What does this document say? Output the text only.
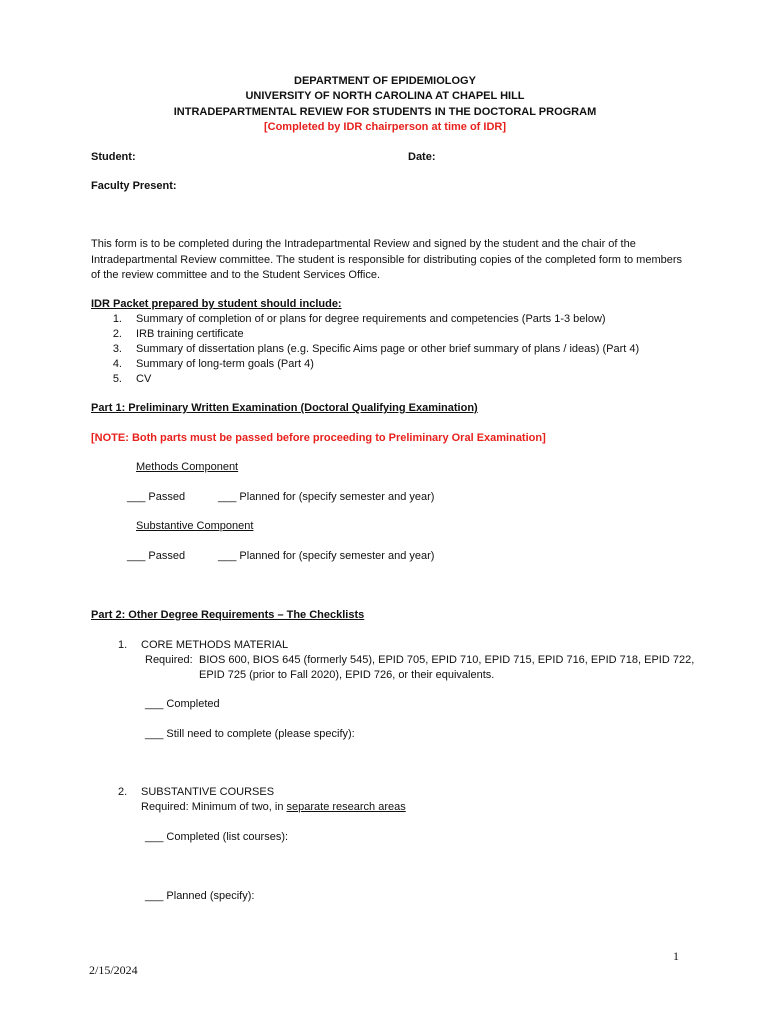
DEPARTMENT OF EPIDEMIOLOGY
UNIVERSITY OF NORTH CAROLINA AT CHAPEL HILL
INTRADEPARTMENTAL REVIEW FOR STUDENTS IN THE DOCTORAL PROGRAM
[Completed by IDR chairperson at time of IDR]
Student:	Date:
Faculty Present:
This form is to be completed during the Intradepartmental Review and signed by the student and the chair of the Intradepartmental Review committee. The student is responsible for distributing copies of the completed form to members of the review committee and to the Student Services Office.
IDR Packet prepared by student should include:
1. Summary of completion of or plans for degree requirements and competencies (Parts 1-3 below)
2. IRB training certificate
3. Summary of dissertation plans (e.g. Specific Aims page or other brief summary of plans / ideas) (Part 4)
4. Summary of long-term goals (Part 4)
5. CV
Part 1: Preliminary Written Examination (Doctoral Qualifying Examination)
[NOTE: Both parts must be passed before proceeding to Preliminary Oral Examination]
Methods Component
___ Passed	___ Planned for (specify semester and year)
Substantive Component
___ Passed	___ Planned for (specify semester and year)
Part 2: Other Degree Requirements – The Checklists
1. CORE METHODS MATERIAL
Required: BIOS 600, BIOS 645 (formerly 545), EPID 705, EPID 710, EPID 715, EPID 716, EPID 718, EPID 722,
EPID 725 (prior to Fall 2020), EPID 726, or their equivalents.
___ Completed
___ Still need to complete (please specify):
2. SUBSTANTIVE COURSES
Required: Minimum of two, in separate research areas
___ Completed (list courses):
___ Planned (specify):
1
2/15/2024
